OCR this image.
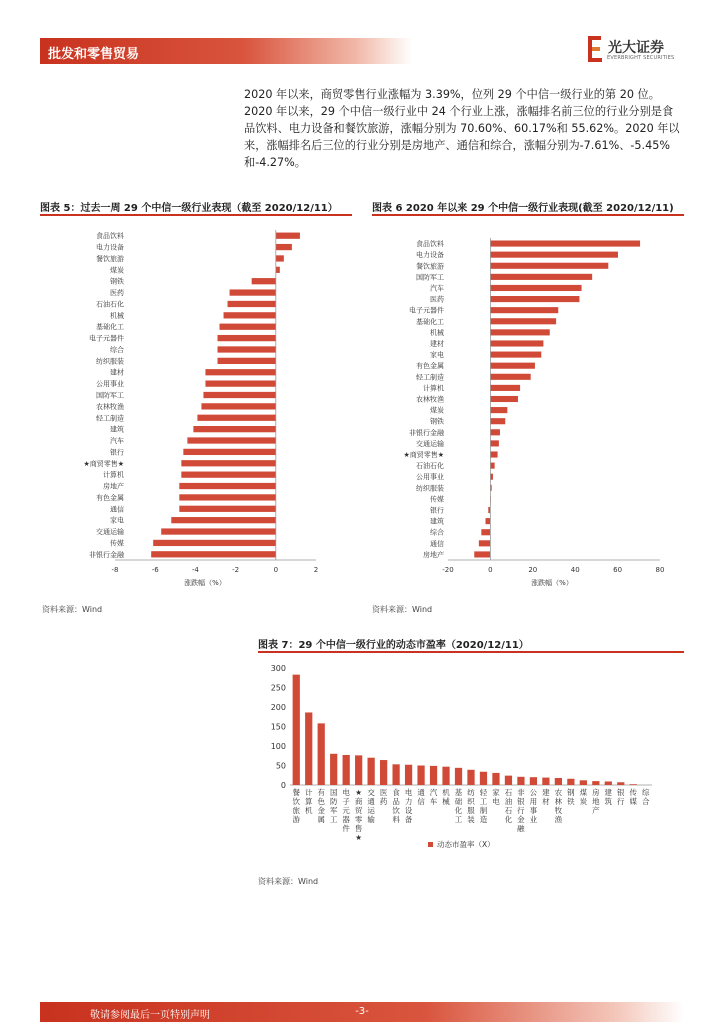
批发和零售贸易	光大证券
EVERBRIGHT SECURITIES

2020 年以来，商贸零售行业涨幅为 3.39%，位列 29 个中信一级行业的第 20 位。2020 年以来，29 个中信一级行业中 24 个行业上涨，涨幅排名前三位的行业分别是食品饮料、电力设备和餐饮旅游，涨幅分别为 70.60%、60.17%和 55.62%。2020 年以来，涨幅排名后三位的行业分别是房地产、通信和综合，涨幅分别为-7.61%、-5.45%和-4.27%。

图表 5：过去一周 29 个中信一级行业表现（截至 2020/12/11）
-8	-6	-4	-2	0	2
涨跌幅（%）
食品饮料
电力设备
餐饮旅游
煤炭
钢铁
医药
石油石化
机械
基础化工
电子元器件
综合
纺织服装
建材
公用事业
国防军工
农林牧渔
轻工制造
建筑
汽车
银行
★商贸零售★
计算机
房地产
有色金属
通信
家电
交通运输
传媒
非银行金融
资料来源：Wind
图表 6 2020 年以来 29 个中信一级行业表现(截至 2020/12/11)
-20	0	20	40	60	80
涨跌幅（%）
食品饮料
电力设备
餐饮旅游
国防军工
汽车
医药
电子元器件
基础化工
机械
建材
家电
有色金属
轻工制造
计算机
农林牧渔
煤炭
钢铁
非银行金融
交通运输
★商贸零售★
石油石化
公用事业
纺织服装
传媒
银行
建筑
综合
通信
房地产
资料来源：Wind
图表 7：29 个中信一级行业的动态市盈率（2020/12/11）
0
50
100
150
200
250
300
餐饮旅游
计算机
有色金属
国防军工
电子元器件
★商贸零售★
交通运输
医药
食品饮料
电力设备
通信
汽车
机械
基础化工
纺织服装
轻工制造
家电
石油石化
非银行金融
公用事业
建材
农林牧渔
钢铁
煤炭
房地产
建筑
银行
传媒
综合
动态市盈率（X）
资料来源：Wind
敬请参阅最后一页特别声明	-3-
